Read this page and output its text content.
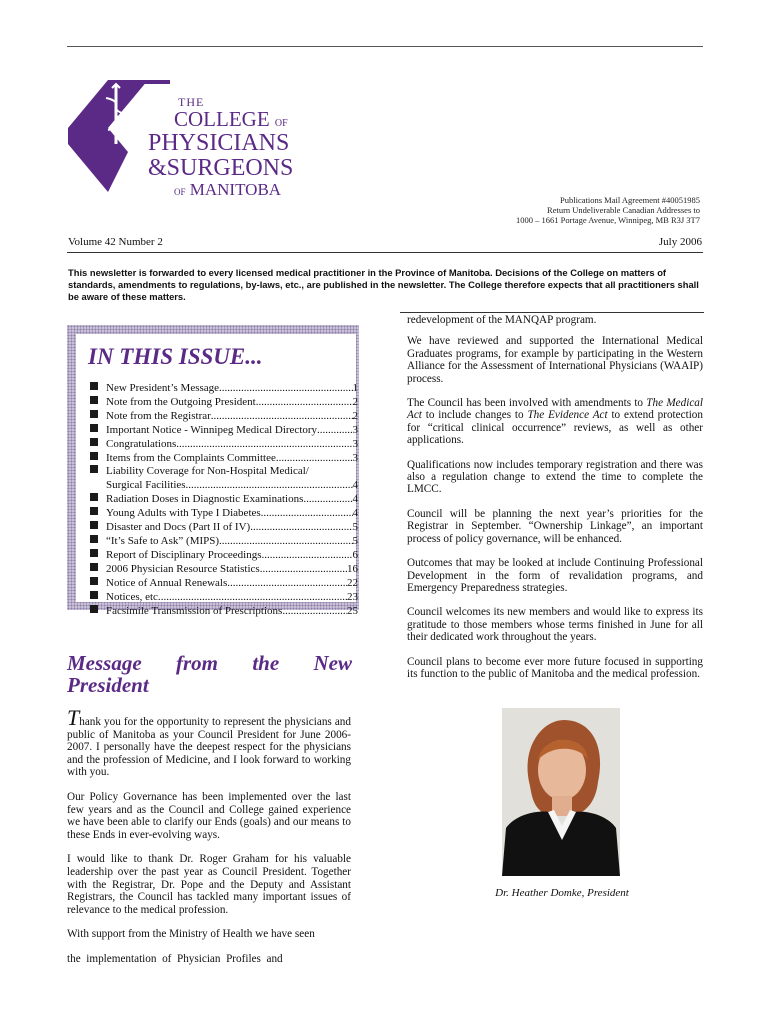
THE
COLLEGE OF
PHYSICIANS
&SURGEONS
OF MANITOBA
Publications Mail Agreement #40051985
Return Undeliverable Canadian Addresses to
1000 – 1661 Portage Avenue, Winnipeg, MB R3J 3T7
Volume 42 Number 2	July 2006
This newsletter is forwarded to every licensed medical practitioner in the Province of Manitoba. Decisions of the College on matters of standards, amendments to regulations, by-laws, etc., are published in the newsletter. The College therefore expects that all practitioners shall be aware of these matters.
IN THIS ISSUE...
New President’s Message .....	1
Note from the Outgoing President .....	2
Note from the Registrar .....	2
Important Notice - Winnipeg Medical Directory .....	3
Congratulations .....	3
Items from the Complaints Committee .....	3
Liability Coverage for Non-Hospital Medical/
Surgical Facilities .....	4
Radiation Doses in Diagnostic Examinations .....	4
Young Adults with Type I Diabetes .....	4
Disaster and Docs (Part II of IV) .....	5
“It’s Safe to Ask” (MIPS) .....	5
Report of Disciplinary Proceedings .....	6
2006 Physician Resource Statistics .....	16
Notice of Annual Renewals .....	22
Notices, etc. .....	23
Facsimile Transmission of Prescriptions .....	25
Message from the New
President

Thank you for the opportunity to represent the physicians and public of Manitoba as your Council President for June 2006-2007. I personally have the deepest respect for the physicians and the profession of Medicine, and I look forward to working with you.

Our Policy Governance has been implemented over the last few years and as the Council and College gained experience we have been able to clarify our Ends (goals) and our means to these Ends in ever-evolving ways.

I would like to thank Dr. Roger Graham for his valuable leadership over the past year as Council President. Together with the Registrar, Dr. Pope and the Deputy and Assistant Registrars, the Council has tackled many important issues of relevance to the medical profession.

With support from the Ministry of Health we have seen

the  implementation  of  Physician  Profiles  and

redevelopment of the MANQAP program.

We have reviewed and supported the International Medical Graduates programs, for example by participating in the Western Alliance for the Assessment of International Physicians (WAAIP) process.

The Council has been involved with amendments to The Medical Act to include changes to The Evidence Act to extend protection for “critical clinical occurrence” reviews, as well as other applications.

Qualifications now includes temporary registration and there was also a regulation change to extend the time to complete the LMCC.

Council will be planning the next year’s priorities for the Registrar in September. “Ownership Linkage”, an important process of policy governance, will be enhanced.

Outcomes that may be looked at include Continuing Professional Development in the form of revalidation programs, and Emergency Preparedness strategies.

Council welcomes its new members and would like to express its gratitude to those members whose terms finished in June for all their dedicated work throughout the years.

Council plans to become ever more future focused in supporting its function to the public of Manitoba and the medical profession.

Dr. Heather Domke, President
